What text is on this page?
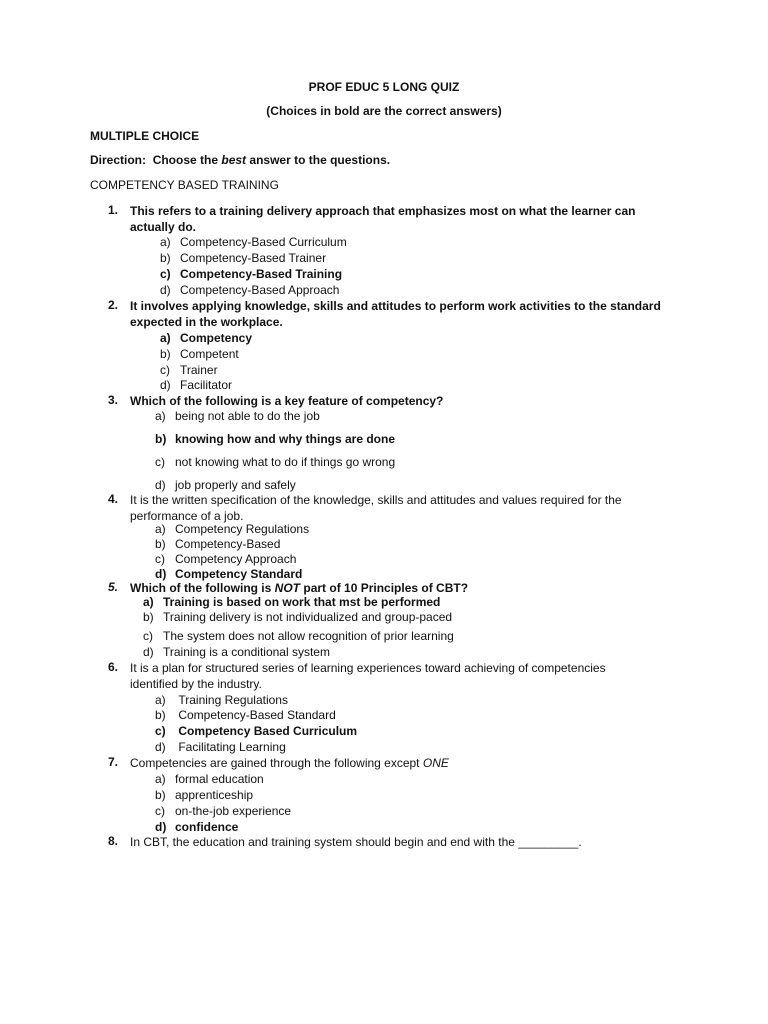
PROF EDUC 5 LONG QUIZ
(Choices in bold are the correct answers)
MULTIPLE CHOICE
Direction: Choose the best answer to the questions.
COMPETENCY BASED TRAINING
1. This refers to a training delivery approach that emphasizes most on what the learner can
actually do.
a) Competency-Based Curriculum
b) Competency-Based Trainer
c) Competency-Based Training
d) Competency-Based Approach
2. It involves applying knowledge, skills and attitudes to perform work activities to the standard
expected in the workplace.
a) Competency
b) Competent
c) Trainer
d) Facilitator
3. Which of the following is a key feature of competency?
a) being not able to do the job
b) knowing how and why things are done
c) not knowing what to do if things go wrong
d) job properly and safely
4. It is the written specification of the knowledge, skills and attitudes and values required for the
performance of a job.
a) Competency Regulations
b) Competency-Based
c) Competency Approach
d) Competency Standard
5. Which of the following is NOT part of 10 Principles of CBT?
a) Training is based on work that mst be performed
b) Training delivery is not individualized and group-paced
c) The system does not allow recognition of prior learning
d) Training is a conditional system
6. It is a plan for structured series of learning experiences toward achieving of competencies
identified by the industry.
a) Training Regulations
b) Competency-Based Standard
c) Competency Based Curriculum
d) Facilitating Learning
7. Competencies are gained through the following except ONE
a) formal education
b) apprenticeship
c) on-the-job experience
d) confidence
8. In CBT, the education and training system should begin and end with the _________.
